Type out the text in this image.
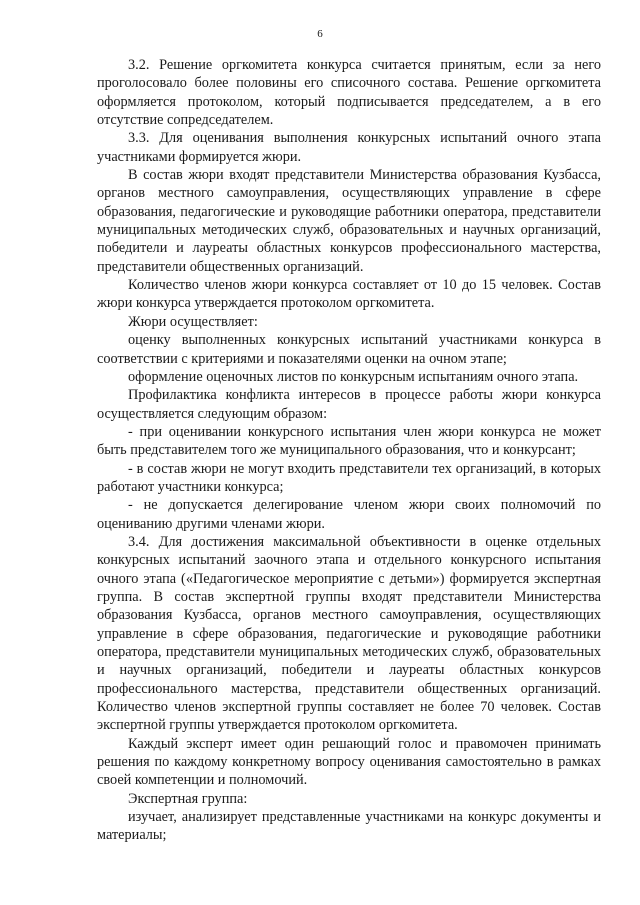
6

3.2. Решение оргкомитета конкурса считается принятым, если за него проголосовало более половины его списочного состава. Решение оргкомитета оформляется протоколом, который подписывается председателем, а в его отсутствие сопредседателем.

3.3. Для оценивания выполнения конкурсных испытаний очного этапа участниками формируется жюри.

В состав жюри входят представители Министерства образования Кузбасса, органов местного самоуправления, осуществляющих управление в сфере образования, педагогические и руководящие работники оператора, представители муниципальных методических служб, образовательных и научных организаций, победители и лауреаты областных конкурсов профессионального мастерства, представители общественных организаций.

Количество членов жюри конкурса составляет от 10 до 15 человек. Состав жюри конкурса утверждается протоколом оргкомитета.

Жюри осуществляет:

оценку выполненных конкурсных испытаний участниками конкурса в соответствии с критериями и показателями оценки на очном этапе;

оформление оценочных листов по конкурсным испытаниям очного этапа.

Профилактика конфликта интересов в процессе работы жюри конкурса осуществляется следующим образом:

- при оценивании конкурсного испытания член жюри конкурса не может быть представителем того же муниципального образования, что и конкурсант;

- в состав жюри не могут входить представители тех организаций, в которых работают участники конкурса;

- не допускается делегирование членом жюри своих полномочий по оцениванию другими членами жюри.

3.4. Для достижения максимальной объективности в оценке отдельных конкурсных испытаний заочного этапа и отдельного конкурсного испытания очного этапа («Педагогическое мероприятие с детьми») формируется экспертная группа. В состав экспертной группы входят представители Министерства образования Кузбасса, органов местного самоуправления, осуществляющих управление в сфере образования, педагогические и руководящие работники оператора, представители муниципальных методических служб, образовательных и научных организаций, победители и лауреаты областных конкурсов профессионального мастерства, представители общественных организаций. Количество членов экспертной группы составляет не более 70 человек. Состав экспертной группы утверждается протоколом оргкомитета.

Каждый эксперт имеет один решающий голос и правомочен принимать решения по каждому конкретному вопросу оценивания самостоятельно в рамках своей компетенции и полномочий.

Экспертная группа:

изучает, анализирует представленные участниками на конкурс документы и материалы;
